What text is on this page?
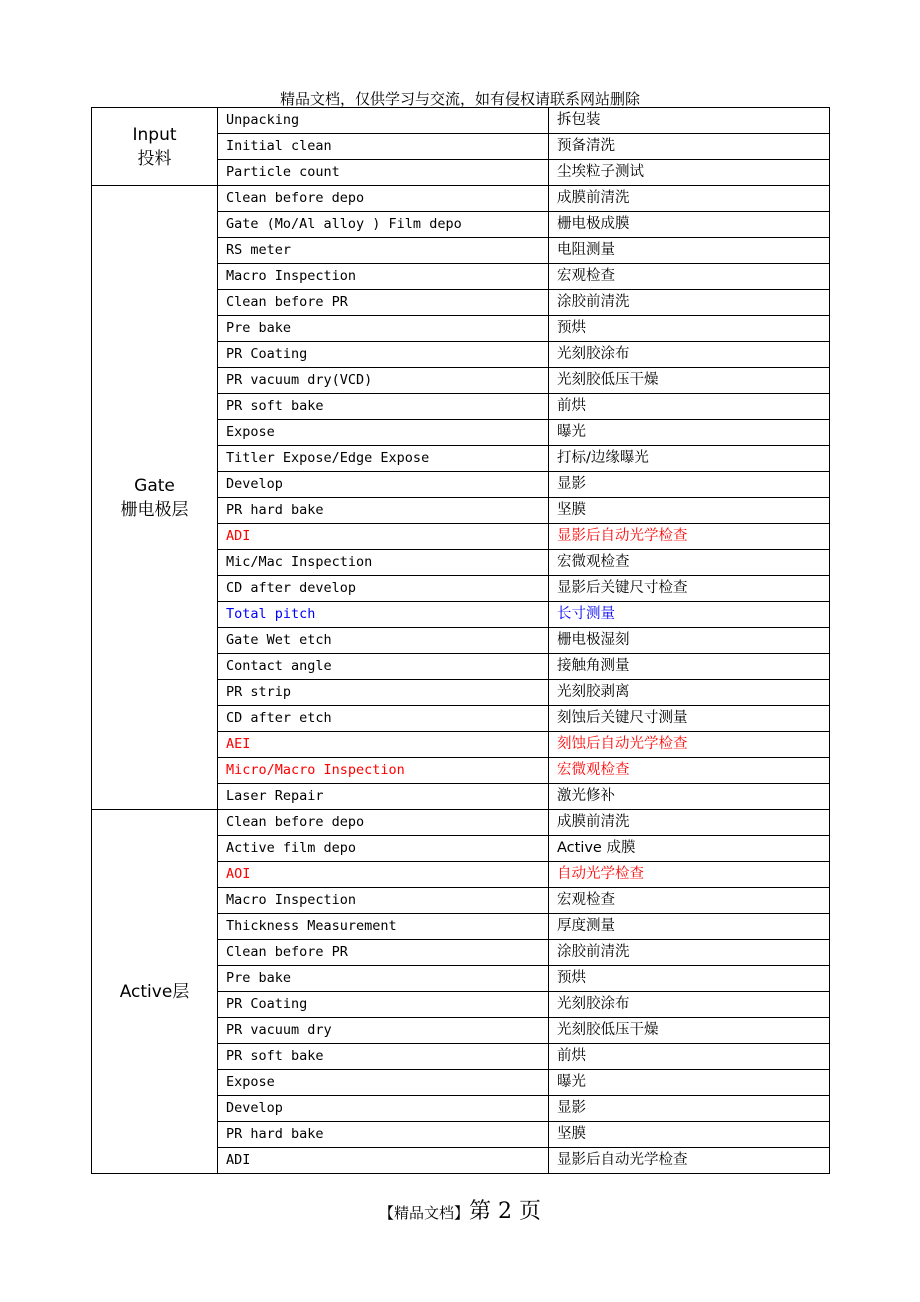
精品文档，仅供学习与交流，如有侵权请联系网站删除
Input
投料	Unpacking	拆包装
	Initial clean	预备清洗
	Particle count	尘埃粒子测试
Gate
栅电极层	Clean before depo	成膜前清洗
	Gate (Mo/Al alloy ) Film depo	栅电极成膜
	RS meter	电阻测量
	Macro Inspection	宏观检查
	Clean before PR	涂胶前清洗
	Pre bake	预烘
	PR Coating	光刻胶涂布
	PR vacuum dry(VCD)	光刻胶低压干燥
	PR soft bake	前烘
	Expose	曝光
	Titler Expose/Edge Expose	打标/边缘曝光
	Develop	显影
	PR hard bake	坚膜
	ADI	显影后自动光学检查
	Mic/Mac Inspection	宏微观检查
	CD after develop	显影后关键尺寸检查
	Total pitch	长寸测量
	Gate Wet etch	栅电极湿刻
	Contact angle	接触角测量
	PR strip	光刻胶剥离
	CD after etch	刻蚀后关键尺寸测量
	AEI	刻蚀后自动光学检查
	Micro/Macro Inspection	宏微观检查
	Laser Repair	激光修补
Active层	Clean before depo	成膜前清洗
	Active film depo	Active 成膜
	AOI	自动光学检查
	Macro Inspection	宏观检查
	Thickness Measurement	厚度测量
	Clean before PR	涂胶前清洗
	Pre bake	预烘
	PR Coating	光刻胶涂布
	PR vacuum dry	光刻胶低压干燥
	PR soft bake	前烘
	Expose	曝光
	Develop	显影
	PR hard bake	坚膜
	ADI	显影后自动光学检查
【精品文档】第 2 页
